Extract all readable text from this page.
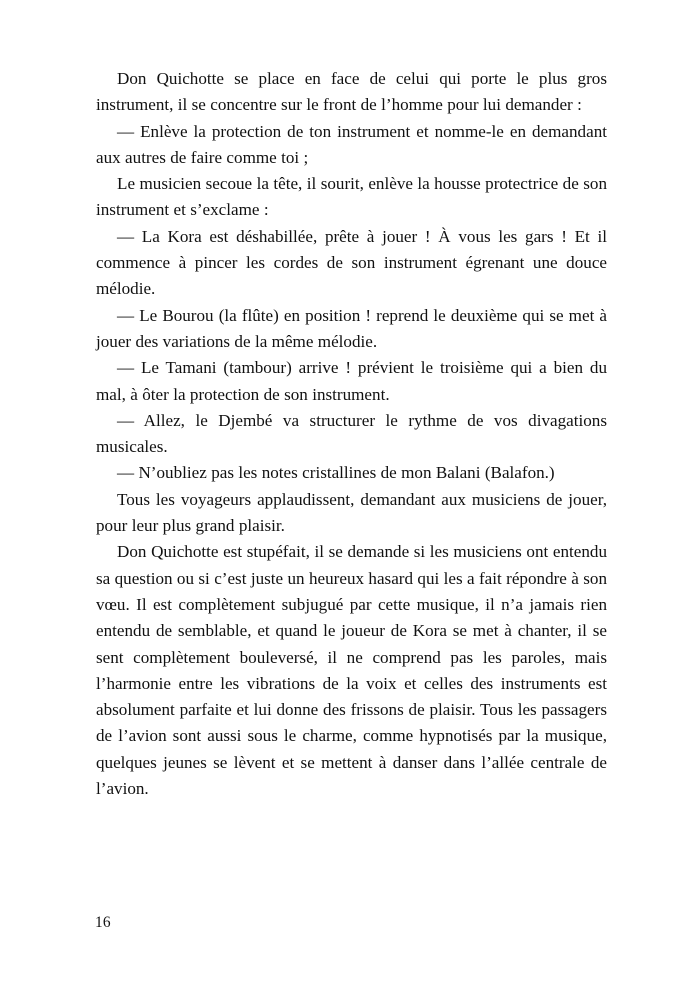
Don Quichotte se place en face de celui qui porte le plus gros instrument, il se concentre sur le front de l’homme pour lui demander :

— Enlève la protection de ton instrument et nomme-le en demandant aux autres de faire comme toi ;

Le musicien secoue la tête, il sourit, enlève la housse protectrice de son instrument et s’exclame :

— La Kora est déshabillée, prête à jouer ! À vous les gars ! Et il commence à pincer les cordes de son instrument égrenant une douce mélodie.

— Le Bourou (la flûte) en position ! reprend le deuxième qui se met à jouer des variations de la même mélodie.

— Le Tamani (tambour) arrive ! prévient le troisième qui a bien du mal, à ôter la protection de son instrument.

— Allez, le Djembé va structurer le rythme de vos divagations musicales.

— N’oubliez pas les notes cristallines de mon Balani (Balafon.)

Tous les voyageurs applaudissent, demandant aux musiciens de jouer, pour leur plus grand plaisir.

Don Quichotte est stupéfait, il se demande si les musiciens ont entendu sa question ou si c’est juste un heureux hasard qui les a fait répondre à son vœu. Il est complètement subjugué par cette musique, il n’a jamais rien entendu de semblable, et quand le joueur de Kora se met à chanter, il se sent complètement bouleversé, il ne comprend pas les paroles, mais l’harmonie entre les vibrations de la voix et celles des instruments est absolument parfaite et lui donne des frissons de plaisir. Tous les passagers de l’avion sont aussi sous le charme, comme hypnotisés par la musique, quelques jeunes se lèvent et se mettent à danser dans l’allée centrale de l’avion.

16
